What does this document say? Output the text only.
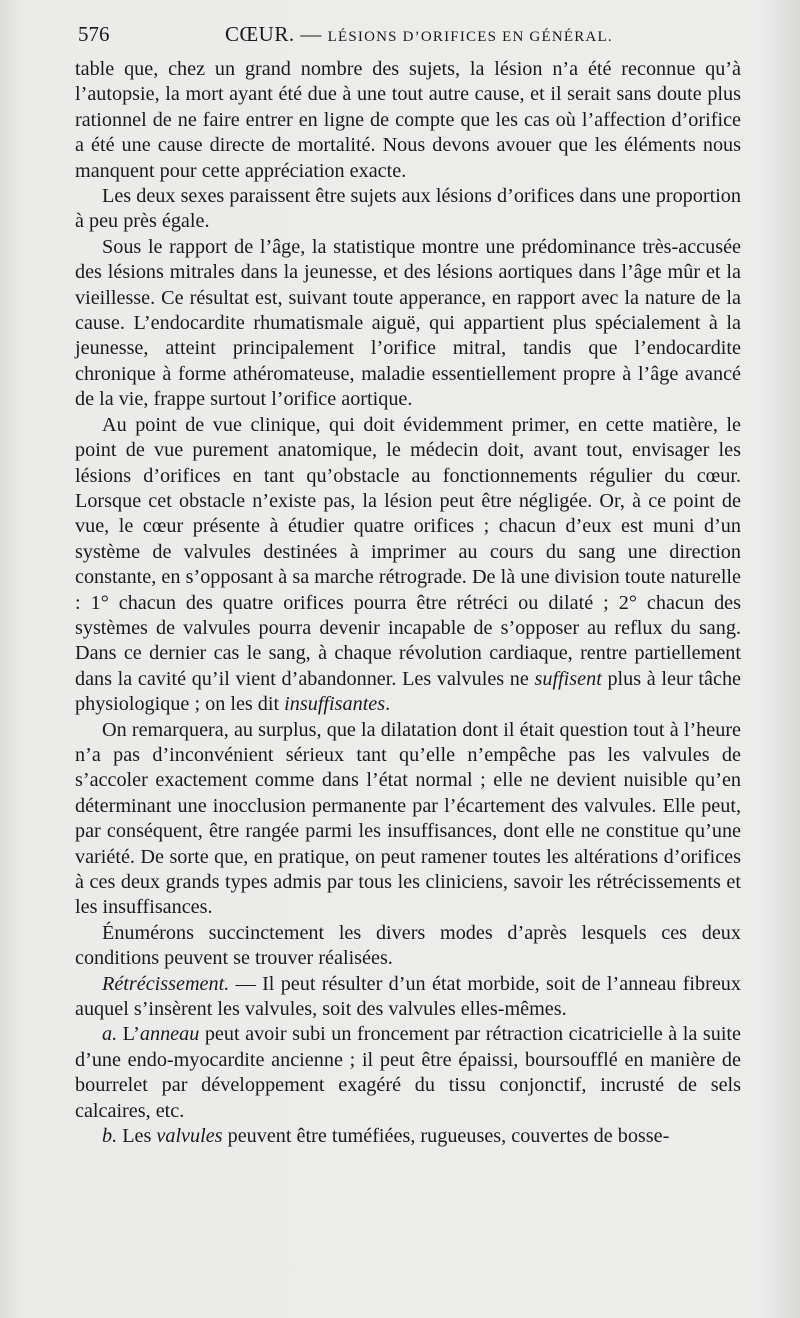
576	CŒUR. — LÉSIONS D’ORIFICES EN GÉNÉRAL.

table que, chez un grand nombre des sujets, la lésion n’a été reconnue qu’à l’autopsie, la mort ayant été due à une tout autre cause, et il serait sans doute plus rationnel de ne faire entrer en ligne de compte que les cas où l’affection d’orifice a été une cause directe de mortalité. Nous devons avouer que les éléments nous manquent pour cette appréciation exacte.

Les deux sexes paraissent être sujets aux lésions d’orifices dans une proportion à peu près égale.

Sous le rapport de l’âge, la statistique montre une prédominance très-accusée des lésions mitrales dans la jeunesse, et des lésions aortiques dans l’âge mûr et la vieillesse. Ce résultat est, suivant toute apperance, en rapport avec la nature de la cause. L’endocardite rhumatismale aiguë, qui appartient plus spécialement à la jeunesse, atteint principalement l’orifice mitral, tandis que l’endocardite chronique à forme athéromateuse, maladie essentiellement propre à l’âge avancé de la vie, frappe surtout l’orifice aortique.

Au point de vue clinique, qui doit évidemment primer, en cette matière, le point de vue purement anatomique, le médecin doit, avant tout, envisager les lésions d’orifices en tant qu’obstacle au fonctionnements régulier du cœur. Lorsque cet obstacle n’existe pas, la lésion peut être négligée. Or, à ce point de vue, le cœur présente à étudier quatre orifices ; chacun d’eux est muni d’un système de valvules destinées à imprimer au cours du sang une direction constante, en s’opposant à sa marche rétrograde. De là une division toute naturelle : 1° chacun des quatre orifices pourra être rétréci ou dilaté ; 2° chacun des systèmes de valvules pourra devenir incapable de s’opposer au reflux du sang. Dans ce dernier cas le sang, à chaque révolution cardiaque, rentre partiellement dans la cavité qu’il vient d’abandonner. Les valvules ne suffisent plus à leur tâche physiologique ; on les dit insuffisantes.

On remarquera, au surplus, que la dilatation dont il était question tout à l’heure n’a pas d’inconvénient sérieux tant qu’elle n’empêche pas les valvules de s’accoler exactement comme dans l’état normal ; elle ne devient nuisible qu’en déterminant une inocclusion permanente par l’écartement des valvules. Elle peut, par conséquent, être rangée parmi les insuffisances, dont elle ne constitue qu’une variété. De sorte que, en pratique, on peut ramener toutes les altérations d’orifices à ces deux grands types admis par tous les cliniciens, savoir les rétrécissements et les insuffisances.

Énumérons succinctement les divers modes d’après lesquels ces deux conditions peuvent se trouver réalisées.

Rétrécissement. — Il peut résulter d’un état morbide, soit de l’anneau fibreux auquel s’insèrent les valvules, soit des valvules elles-mêmes.

a. L’anneau peut avoir subi un froncement par rétraction cicatricielle à la suite d’une endo-myocardite ancienne ; il peut être épaissi, boursoufflé en manière de bourrelet par développement exagéré du tissu conjonctif, incrusté de sels calcaires, etc.

b. Les valvules peuvent être tuméfiées, rugueuses, couvertes de bosse-
